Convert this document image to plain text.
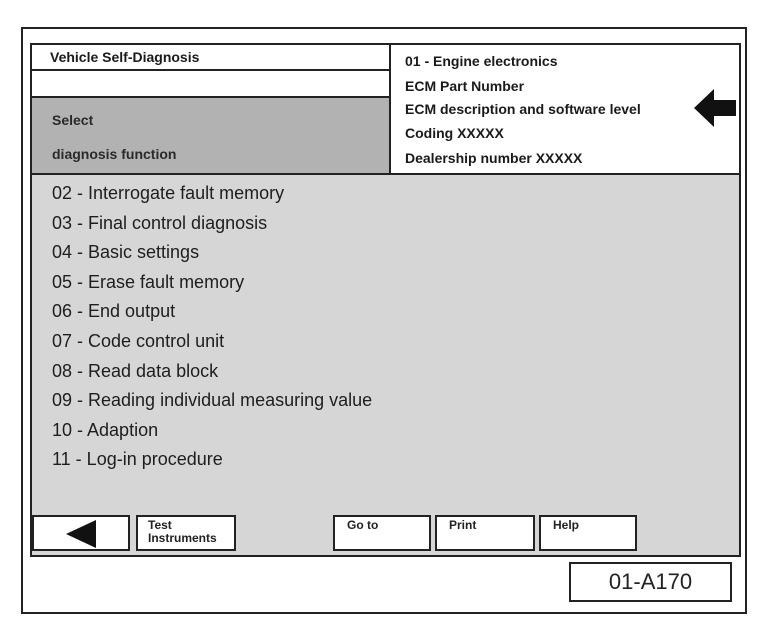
Vehicle Self-Diagnosis
Select
diagnosis function
01 - Engine electronics
ECM Part Number
ECM description and software level
Coding XXXXX
Dealership number XXXXX
02 - Interrogate fault memory
03 - Final control diagnosis
04 - Basic settings
05 - Erase fault memory
06 - End output
07 - Code control unit
08 - Read data block
09 - Reading individual measuring value
10 - Adaption
11 - Log-in procedure
Test
Instruments
Go to	Print	Help
01-A170
